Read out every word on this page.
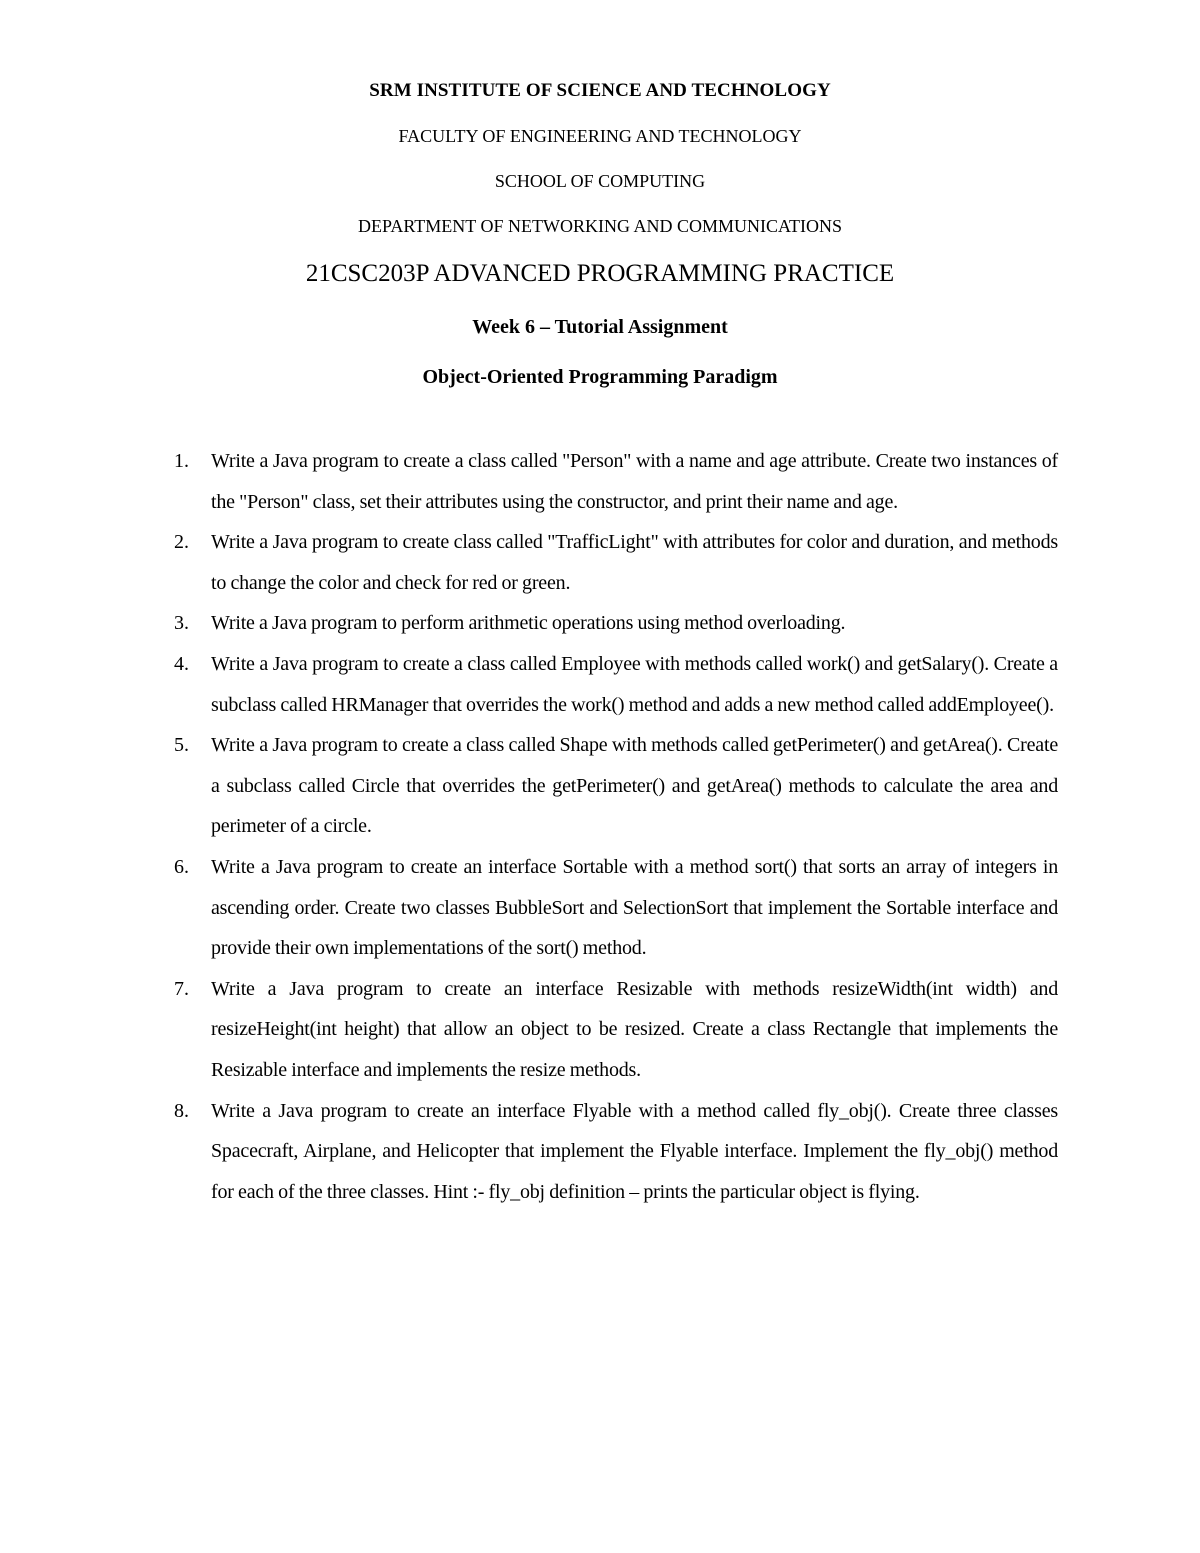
SRM INSTITUTE OF SCIENCE AND TECHNOLOGY
FACULTY OF ENGINEERING AND TECHNOLOGY
SCHOOL OF COMPUTING
DEPARTMENT OF NETWORKING AND COMMUNICATIONS
21CSC203P ADVANCED PROGRAMMING PRACTICE
Week 6 – Tutorial Assignment
Object-Oriented Programming Paradigm
1. Write a Java program to create a class called "Person" with a name and age attribute. Create two instances of the "Person" class, set their attributes using the constructor, and print their name and age.
2. Write a Java program to create class called "TrafficLight" with attributes for color and duration, and methods to change the color and check for red or green.
3. Write a Java program to perform arithmetic operations using method overloading.
4. Write a Java program to create a class called Employee with methods called work() and getSalary(). Create a subclass called HRManager that overrides the work() method and adds a new method called addEmployee().
5. Write a Java program to create a class called Shape with methods called getPerimeter() and getArea(). Create a subclass called Circle that overrides the getPerimeter() and getArea() methods to calculate the area and perimeter of a circle.
6. Write a Java program to create an interface Sortable with a method sort() that sorts an array of integers in ascending order. Create two classes BubbleSort and SelectionSort that implement the Sortable interface and provide their own implementations of the sort() method.
7. Write a Java program to create an interface Resizable with methods resizeWidth(int width) and resizeHeight(int height) that allow an object to be resized. Create a class Rectangle that implements the Resizable interface and implements the resize methods.
8. Write a Java program to create an interface Flyable with a method called fly_obj(). Create three classes Spacecraft, Airplane, and Helicopter that implement the Flyable interface. Implement the fly_obj() method for each of the three classes. Hint :- fly_obj definition – prints the particular object is flying.
